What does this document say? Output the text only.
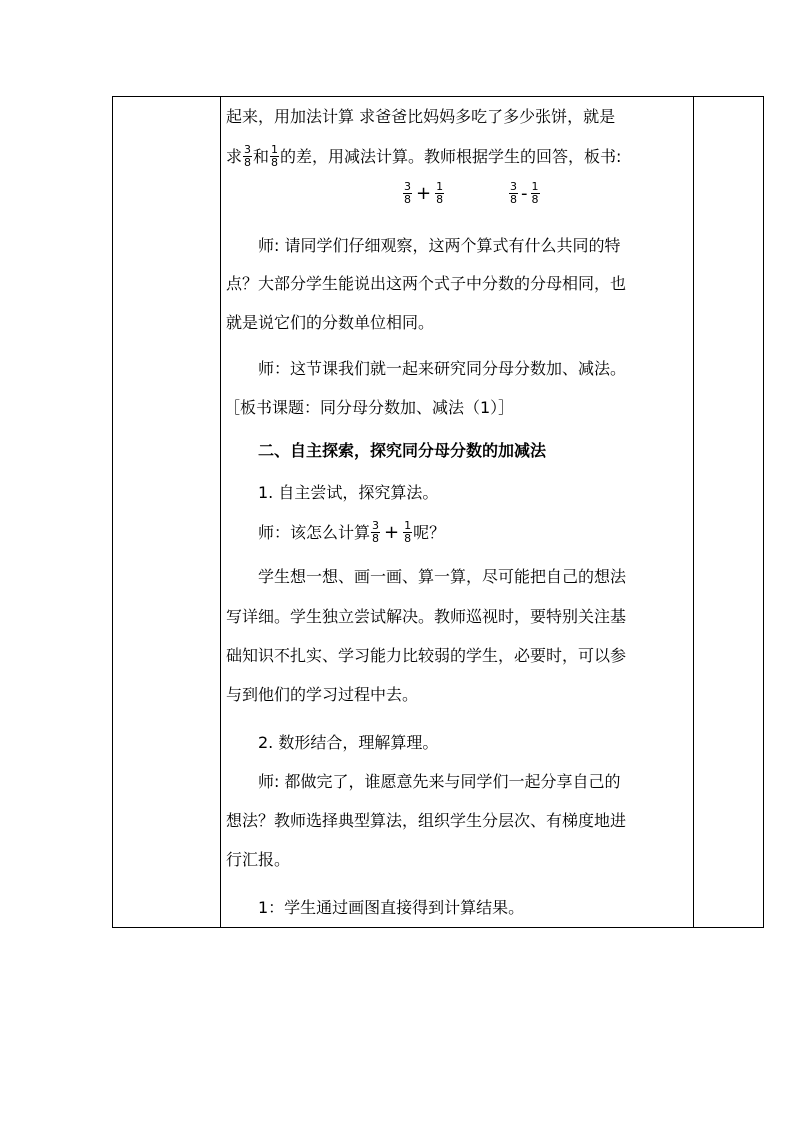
起来，用加法计算 求爸爸比妈妈多吃了多少张饼，就是
求 $\frac{3}{8}$ 和 $\frac{1}{8}$ 的差，用减法计算。教师根据学生的回答，板书:
$\frac{3}{8} + \frac{1}{8}$	$\frac{3}{8} - \frac{1}{8}$
师: 请同学们仔细观察，这两个算式有什么共同的特
点？大部分学生能说出这两个式子中分数的分母相同，也
就是说它们的分数单位相同。
师：这节课我们就一起来研究同分母分数加、减法。
［板书课题：同分母分数加、减法（1）］
二、自主探索，探究同分母分数的加减法
1. 自主尝试，探究算法。
师：该怎么计算 $\frac{3}{8} + \frac{1}{8}$ 呢？
学生想一想、画一画、算一算，尽可能把自己的想法
写详细。学生独立尝试解决。教师巡视时，要特别关注基
础知识不扎实、学习能力比较弱的学生，必要时，可以参
与到他们的学习过程中去。
2. 数形结合，理解算理。
师: 都做完了，谁愿意先来与同学们一起分享自己的
想法？教师选择典型算法，组织学生分层次、有梯度地进
行汇报。
1：学生通过画图直接得到计算结果。
